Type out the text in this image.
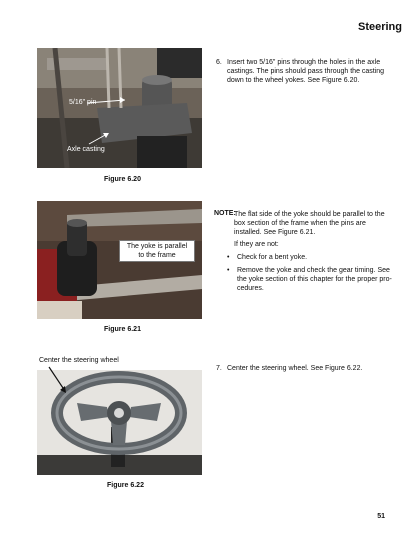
Steering
5/16" pin
Axle casting
Figure 6.20
6. Insert two 5/16" pins through the holes in the axle
castings. The pins should pass through the casting
down to the wheel yokes. See Figure 6.20.
The yoke is parallel
to the frame
Figure 6.21
NOTE:
The flat side of the yoke should be parallel to the
box section of the frame when the pins are
installed. See Figure 6.21.
If they are not:
• Check for a bent yoke.
• Remove the yoke and check the gear timing. See
the yoke section of this chapter for the proper pro-
cedures.
Center the steering wheel
Figure 6.22
7. Center the steering wheel. See Figure 6.22.
51
